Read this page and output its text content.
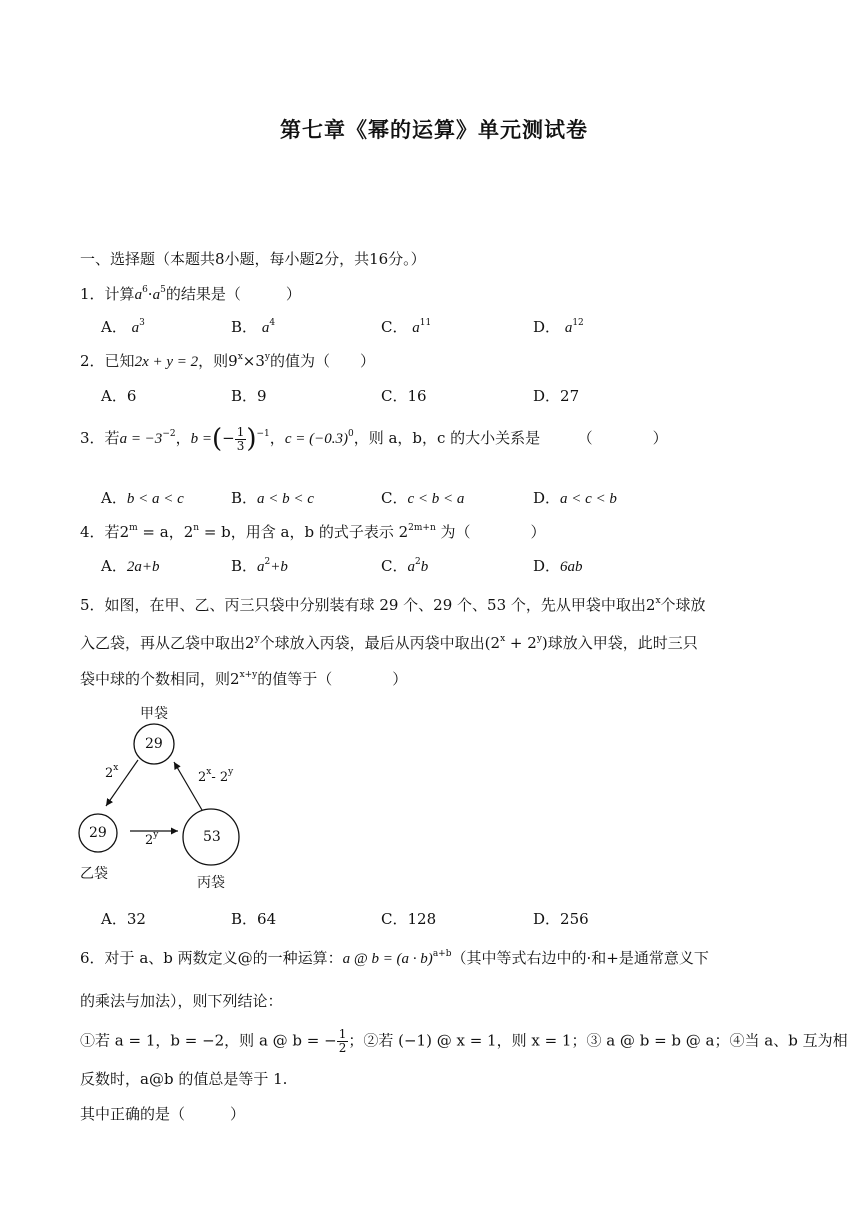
第七章《幂的运算》单元测试卷
一、选择题（本题共8小题，每小题2分，共16分。）
1．计算$a^6\cdot a^5$的结果是（　　　）
A． $a^3$	B． $a^4$	C． $a^{11}$	D． $a^{12}$
2．已知2x + y = 2，则$9^x\times 3^y$的值为（　　）
A．6	B．9	C．16	D．27
3．若$a = -3^{-2}$，b =(− $\frac{1}{3} )^{-1}$，$c = (-0.3)^0$，则 a，b，c 的大小关系是　　　（　　　　）
A．b < a < c	B．a < b < c	C．c < b < a	D．a < c < b
4．若$2^m = a$，$2^n = b$，用含 a，b 的式子表示 $2^{2m+n}$ 为（　　　　）
A．2a+b	B．$a^2+b$	C．$a^2b$	D．6ab
5．如图，在甲、乙、丙三只袋中分别装有球 29 个、29 个、53 个，先从甲袋中取出2$^x$个球放
入乙袋，再从乙袋中取出2$^y$个球放入丙袋，最后从丙袋中取出$(2^x + 2^y)$球放入甲袋，此时三只
袋中球的个数相同，则$2^{x+y}$的值等于（　　　　）
甲袋
29
29
乙袋
53
丙袋
2$^x$
2$^y$
2$^x$- 2$^y$
A．32	B．64	C．128	D．256
6．对于 a、b 两数定义@的一种运算：a @ $b = (a \cdot b)^{a+b}$（其中等式右边中的·和+是通常意义下
的乘法与加法），则下列结论：
①若 a = 1，b = −2，则 a @ b = − $\frac{1}{2}$ ；②若 (−1) @ x = 1，则 x = 1；③ a @ b = b @ a；④当 a、b 互为相
反数时，a@b 的值总是等于 1.
其中正确的是（　　　）
